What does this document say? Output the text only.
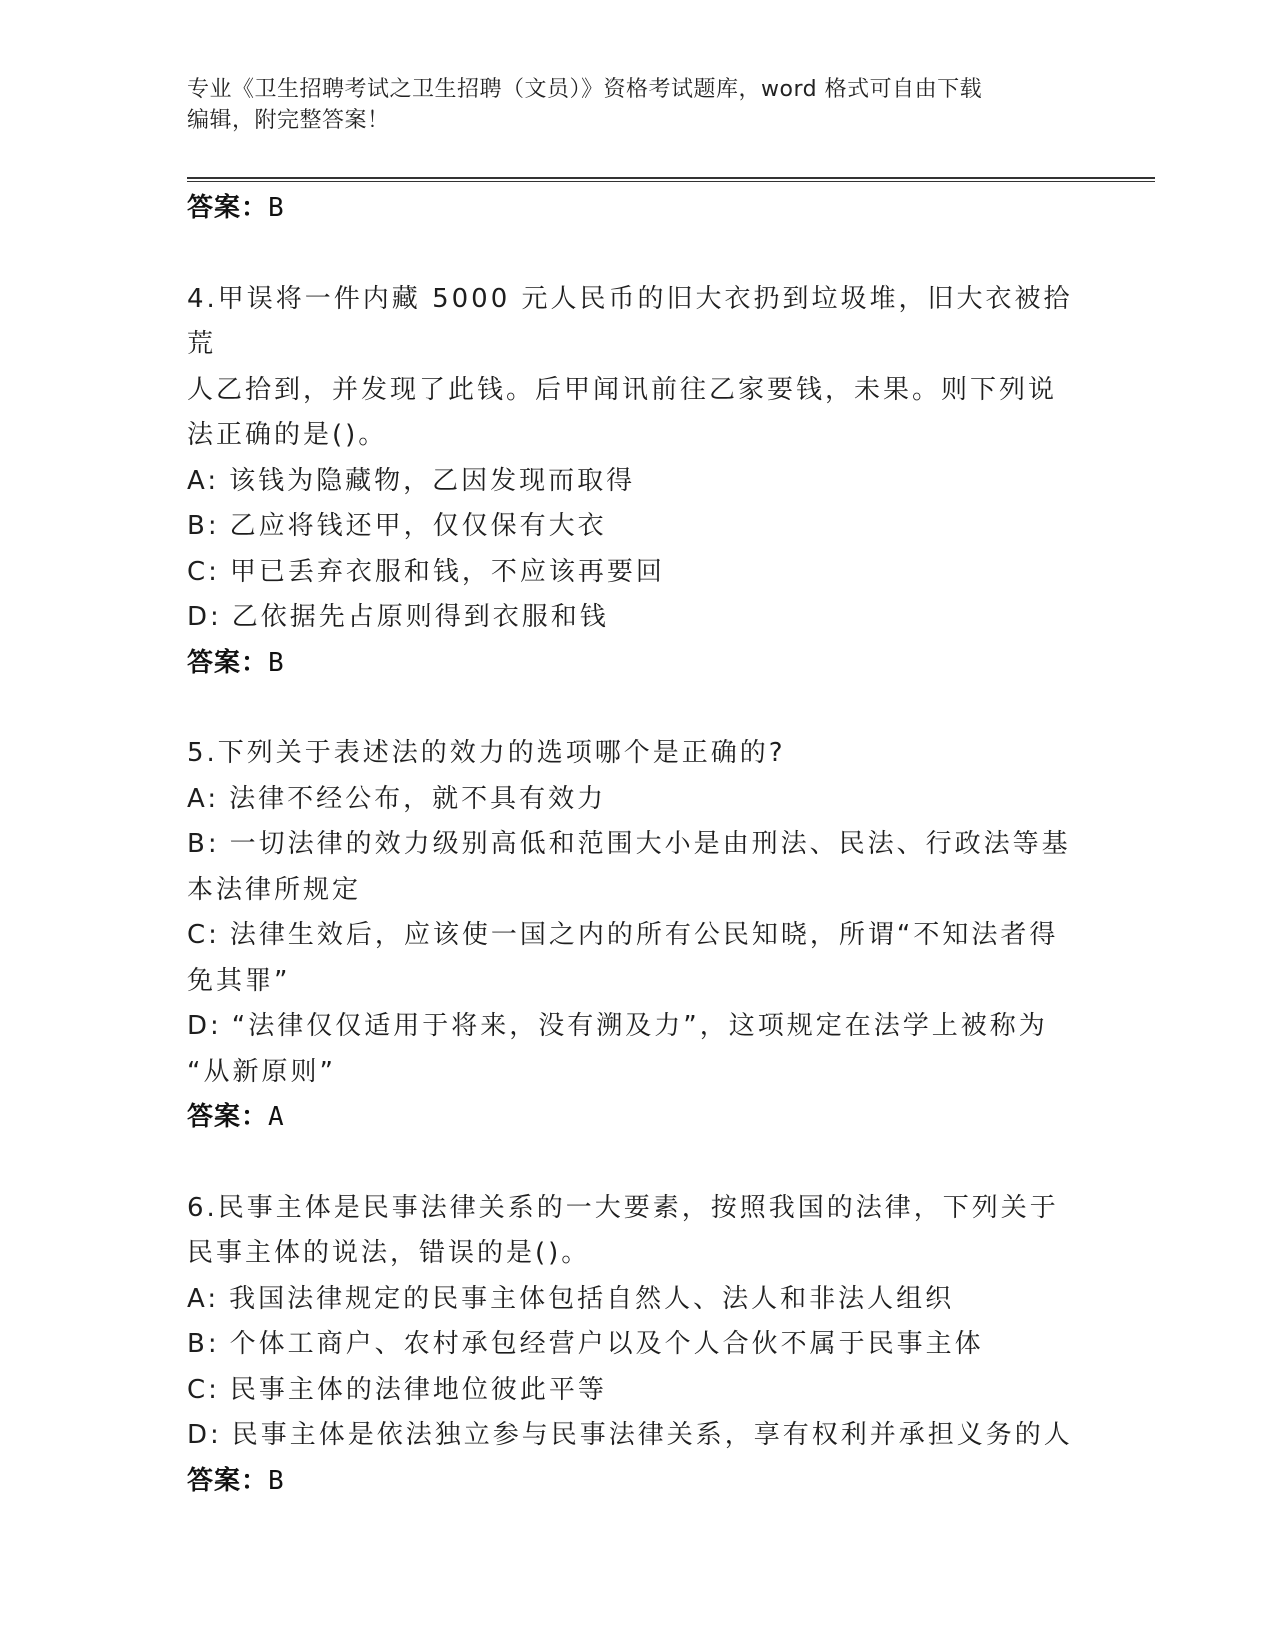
专业《卫生招聘考试之卫生招聘（文员）》资格考试题库，word 格式可自由下载
编辑，附完整答案！
答案：B
4.甲误将一件内藏 5000 元人民币的旧大衣扔到垃圾堆，旧大衣被拾荒
人乙拾到，并发现了此钱。后甲闻讯前往乙家要钱，未果。则下列说
法正确的是()。
A: 该钱为隐藏物，乙因发现而取得
B: 乙应将钱还甲，仅仅保有大衣
C: 甲已丢弃衣服和钱，不应该再要回
D: 乙依据先占原则得到衣服和钱
答案：B
5.下列关于表述法的效力的选项哪个是正确的?
A: 法律不经公布，就不具有效力
B: 一切法律的效力级别高低和范围大小是由刑法、民法、行政法等基
本法律所规定
C: 法律生效后，应该使一国之内的所有公民知晓，所谓“不知法者得
免其罪”
D: “法律仅仅适用于将来，没有溯及力”，这项规定在法学上被称为
“从新原则”
答案：A
6.民事主体是民事法律关系的一大要素，按照我国的法律，下列关于
民事主体的说法，错误的是()。
A: 我国法律规定的民事主体包括自然人、法人和非法人组织
B: 个体工商户、农村承包经营户以及个人合伙不属于民事主体
C: 民事主体的法律地位彼此平等
D: 民事主体是依法独立参与民事法律关系，享有权利并承担义务的人
答案：B
